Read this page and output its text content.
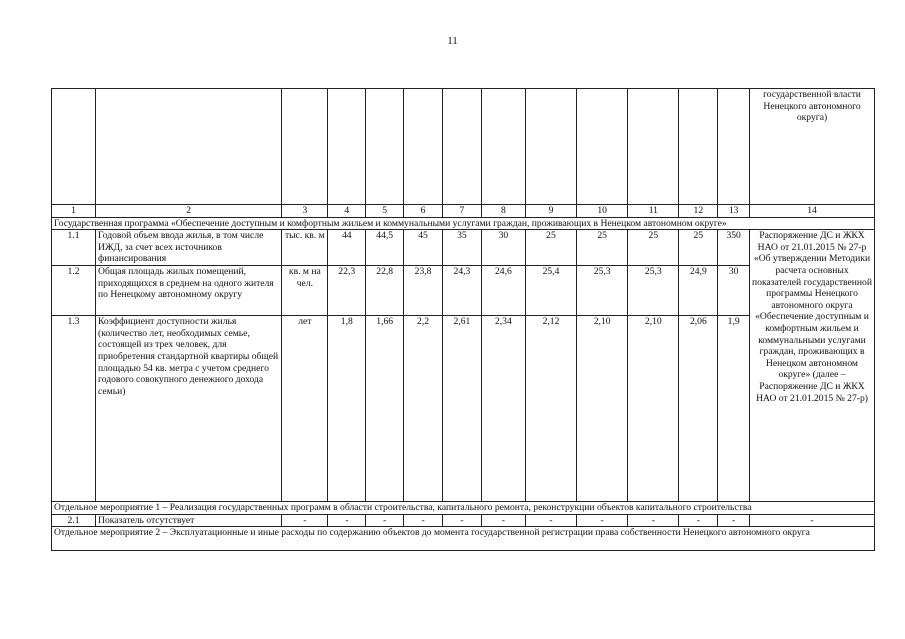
11
													государственной власти Ненецкого автономного округа)
1	2	3	4	5	6	7	8	9	10	11	12	13	14
Государственная программа «Обеспечение доступным и комфортным жильем и коммунальными услугами граждан, проживающих в Ненецком автономном округе»													
1.1	Годовой объем ввода жилья, в том числе ИЖД, за счет всех источников финансирования	тыс. кв. м	44	44,5	45	35	30	25	25	25	25	350	Распоряжение ДС и ЖКХ НАО от 21.01.2015 № 27-р «Об утверждении Методики расчета основных показателей государственной программы Ненецкого автономного округа «Обеспечение доступным и комфортным жильем и коммунальными услугами граждан, проживающих в Ненецком автономном округе» (далее – Распоряжение ДС и ЖКХ НАО от 21.01.2015 № 27-р)
1.2	Общая площадь жилых помещений, приходящихся в среднем на одного жителя по Ненецкому автономному округу	кв. м на чел.	22,3	22,8	23,8	24,3	24,6	25,4	25,3	25,3	24,9	30	
1.3	Коэффициент доступности жилья (количество лет, необходимых семье, состоящей из трех человек, для приобретения стандартной квартиры общей площадью 54 кв. метра с учетом среднего годового совокупного денежного дохода семьи)	лет	1,8	1,66	2,2	2,61	2,34	2,12	2,10	2,10	2,06	1,9	
Отдельное мероприятие 1 – Реализация государственных программ в области строительства, капитального ремонта, реконструкции объектов капитального строительства													
2.1	Показатель отсутствует	-	-	-	-	-	-	-	-	-	-	-	-
Отдельное мероприятие 2 – Эксплуатационные и иные расходы по содержанию объектов до момента государственной регистрации права собственности Ненецкого автономного округа													
